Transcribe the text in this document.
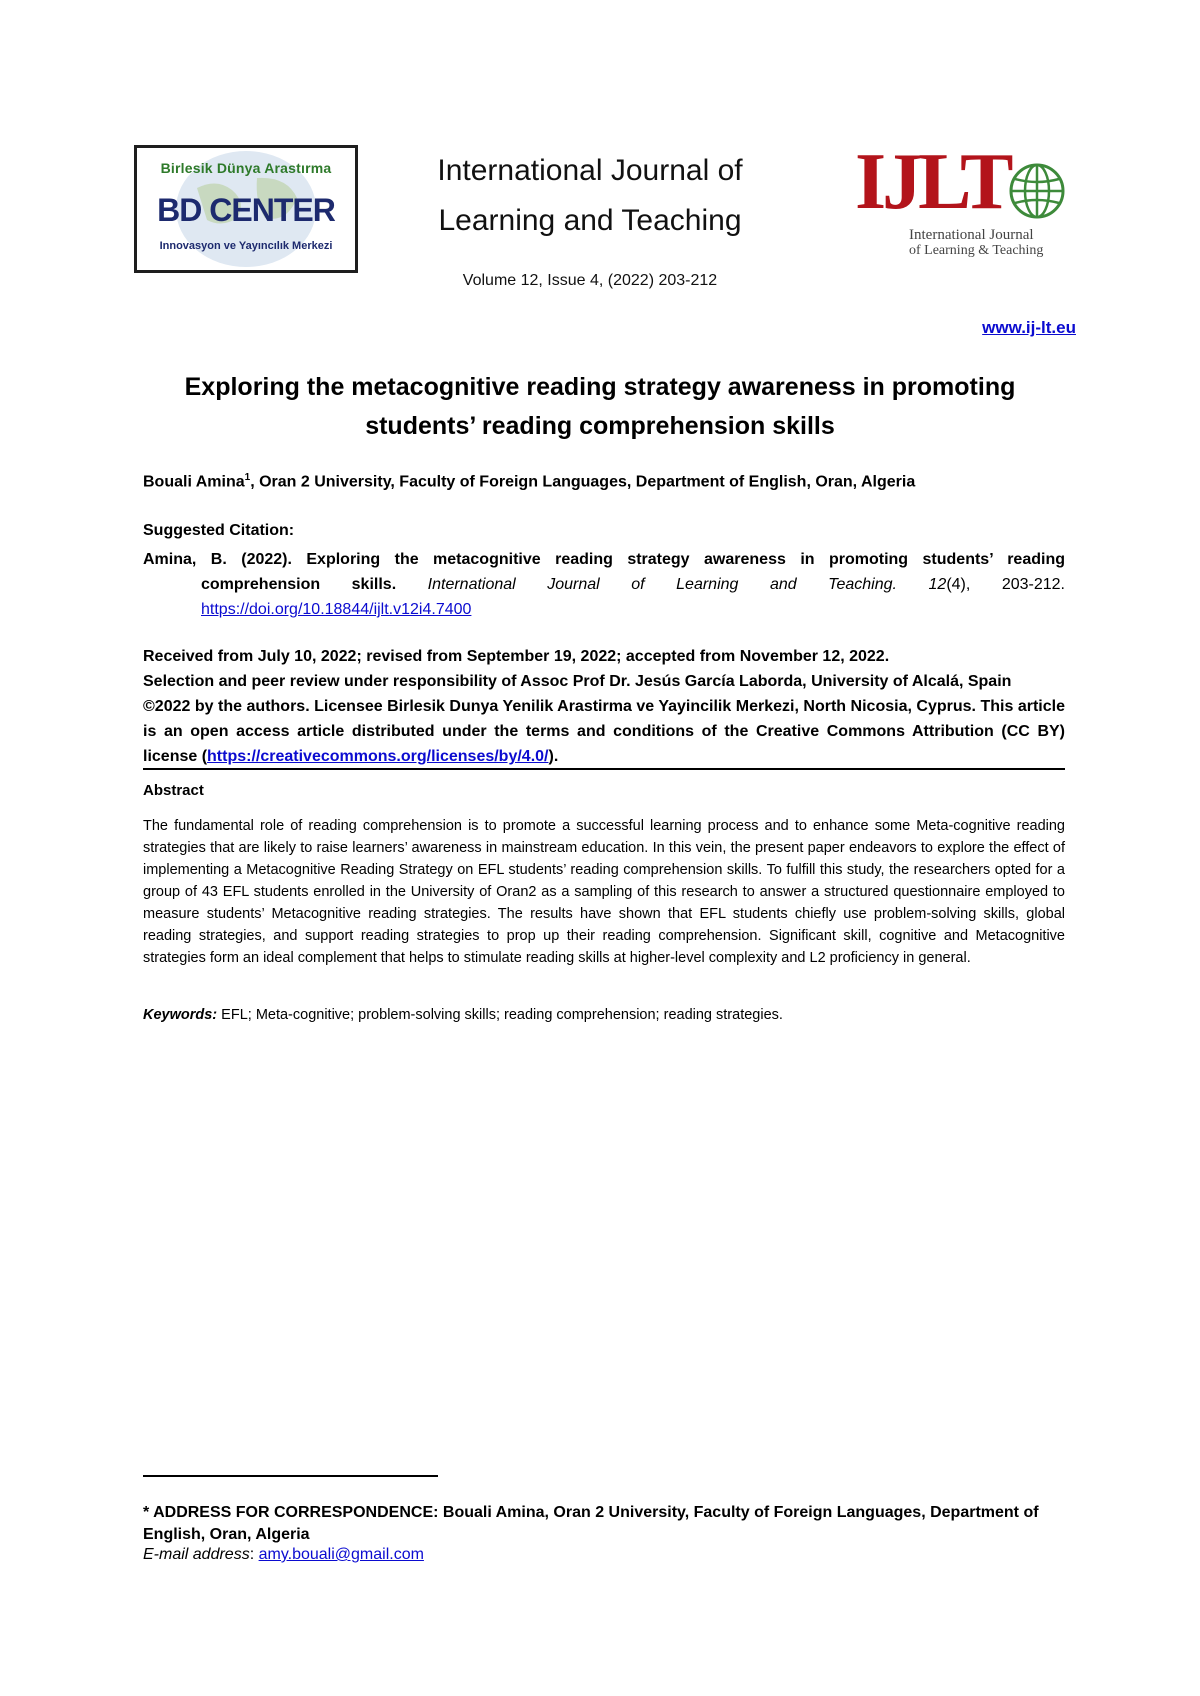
Birlesik Dünya Arastırma
BD CENTER
Innovasyon ve Yayıncılık Merkezi
International Journal of Learning and Teaching
Volume 12, Issue 4, (2022) 203-212
IJLT
International Journal
of Learning & Teaching
www.ij-lt.eu
Exploring the metacognitive reading strategy awareness in promoting students’ reading comprehension skills
Bouali Amina$^1$, Oran 2 University, Faculty of Foreign Languages, Department of English, Oran, Algeria
Suggested Citation:
Amina, B. (2022). Exploring the metacognitive reading strategy awareness in promoting students’ reading comprehension skills. International Journal of Learning and Teaching. 12(4), 203-212. https://doi.org/10.18844/ijlt.v12i4.7400

Received from July 10, 2022; revised from September 19, 2022; accepted from November 12, 2022.

Selection and peer review under responsibility of Assoc Prof Dr. Jesús García Laborda, University of Alcalá, Spain

©2022 by the authors. Licensee Birlesik Dunya Yenilik Arastirma ve Yayincilik Merkezi, North Nicosia, Cyprus. This article is an open access article distributed under the terms and conditions of the Creative Commons Attribution (CC BY) license (https://creativecommons.org/licenses/by/4.0/).

Abstract
The fundamental role of reading comprehension is to promote a successful learning process and to enhance some Meta-cognitive reading strategies that are likely to raise learners’ awareness in mainstream education. In this vein, the present paper endeavors to explore the effect of implementing a Metacognitive Reading Strategy on EFL students’ reading comprehension skills. To fulfill this study, the researchers opted for a group of 43 EFL students enrolled in the University of Oran2 as a sampling of this research to answer a structured questionnaire employed to measure students’ Metacognitive reading strategies. The results have shown that EFL students chiefly use problem-solving skills, global reading strategies, and support reading strategies to prop up their reading comprehension. Significant skill, cognitive and Metacognitive strategies form an ideal complement that helps to stimulate reading skills at higher-level complexity and L2 proficiency in general.
Keywords: EFL; Meta-cognitive; problem-solving skills; reading comprehension; reading strategies.
* ADDRESS FOR CORRESPONDENCE: Bouali Amina, Oran 2 University, Faculty of Foreign Languages, Department of English, Oran, Algeria
E-mail address: amy.bouali@gmail.com
